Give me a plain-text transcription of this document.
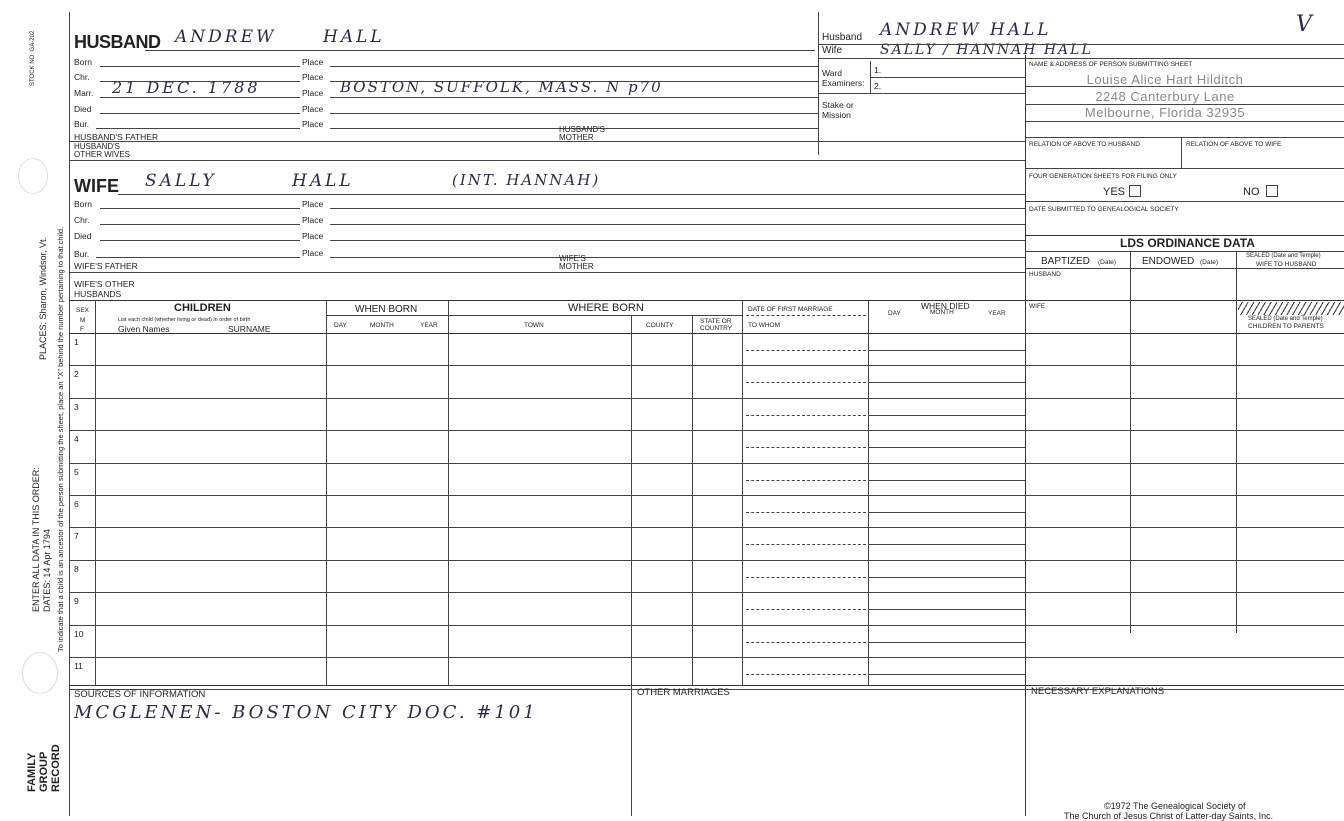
STOCK NO. GA-202
PLACES: Sharon, Windsor, Vt.
ENTER ALL DATA IN THIS ORDER: DATES: 14 Apr 1794 To indicate that a child is an ancestor of the person submitting the sheet, place an "X" behind the number pertaining to that child.
FAMILY GROUP RECORD
HUSBAND ANDREW	HALL
Born	Place
Chr.	Place
Marr.	Place
21 DEC. 1788	BOSTON, SUFFOLK, MASS. N p70
Died	Place
Bur.	Place
HUSBAND'S FATHER
HUSBAND'S
MOTHER
HUSBAND'S
OTHER WIVES
WIFE SALLY	HALL	(INT. HANNAH)
Born	Place
Chr.	Place
Died	Place
Bur.	Place
WIFE'S FATHER
WIFE'S
MOTHER
WIFE'S OTHER
HUSBANDS
Husband
Wife
ANDREW HALL
SALLY / HANNAH HALL
V
Ward
Examiners:
1.
2.
Stake or
Mission
NAME & ADDRESS OF PERSON SUBMITTING SHEET
Louise Alice Hart Hilditch
2248 Canterbury Lane
Melbourne, Florida 32935
RELATION OF ABOVE TO HUSBAND	RELATION OF ABOVE TO WIFE
FOUR GENERATION SHEETS FOR FILING ONLY
YES	NO
DATE SUBMITTED TO GENEALOGICAL SOCIETY
LDS ORDINANCE DATA
BAPTIZED (Date)	ENDOWED (Date)
SEALED (Date and Temple)
WIFE TO HUSBAND
HUSBAND
WIFE
SEALED (Date and Temple)
CHILDREN TO PARENTS
SEX
M
F
CHILDREN
List each child (whether living or dead) in order of birth
Given Names	SURNAME
WHEN BORN
DAY	MONTH	YEAR
WHERE BORN
TOWN	COUNTY
STATE OR
COUNTRY
DATE OF FIRST MARRIAGE
TO WHOM
WHEN DIED
DAY	MONTH	YEAR
1
2
3
4
5
6
7
8
9
10
11
SOURCES OF INFORMATION
MCGLENEN- BOSTON CITY DOC. #101
OTHER MARRIAGES	NECESSARY EXPLANATIONS
©1972 The Genealogical Society of
The Church of Jesus Christ of Latter-day Saints, Inc.
